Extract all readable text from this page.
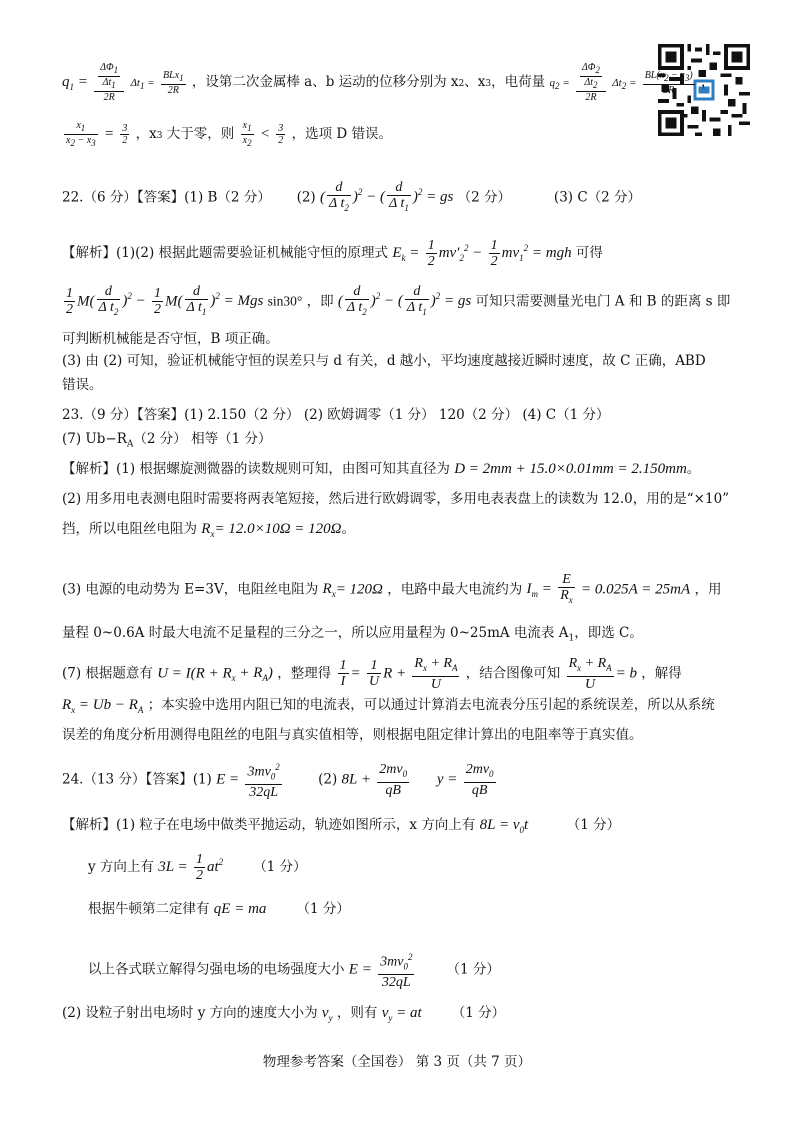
$q_1 = \frac{\frac{\Delta\Phi_1}{\Delta t_1}}{2R} \Delta t_1 = \frac{BLx_1}{2R}$ ，设第二次金属棒 a、b 运动的位移分别为 x2、x3，电荷量 $q_2 = \frac{\frac{\Delta\Phi_2}{\Delta t_2}}{2R} \Delta t_2 = \frac{BL(x_2 - x_3)}{2R}$ ，
$\frac{x_1}{x_2 - x_3} = \frac{3}{2}$ ，x3 大于零，则 $\frac{x_1}{x_2} < \frac{3}{2}$ ，选项 D 错误。
22.（6 分）【答案】(1) B（2 分） (2) ( $\frac{d}{\Delta t_2} )^2$ − ( $\frac{d}{\Delta t_1} )^2$ = gs （2 分）	(3) C（2 分）
【解析】(1)(2) 根据此题需要验证机械能守恒的原理式 $E_k = \frac{1}{2} mv'_2^2 - \frac{1}{2} mv_1^2$ = mgh 可得
$\frac{1}{2} M( \frac{d}{\Delta t_2} )^2 - \frac{1}{2} M( \frac{d}{\Delta t_1} )^2$ = Mgs sin30° ，即 ( $\frac{d}{\Delta t_2} )^2$ − ( $\frac{d}{\Delta t_1} )^2$ = gs 可知只需要测量光电门 A 和 B 的距离 s 即
可判断机械能是否守恒，B 项正确。
(3) 由 (2) 可知，验证机械能守恒的误差只与 d 有关，d 越小，平均速度越接近瞬时速度，故 C 正确，ABD
错误。
23.（9 分）【答案】(1) 2.150（2 分） (2) 欧姆调零（1 分） 120（2 分） (4) C（1 分）
(7) $Ub-R_A(2$ 分） 相等（1 分）
【解析】(1) 根据螺旋测微器的读数规则可知，由图可知其直径为 D = 2mm + 15.0×0.01mm = 2.150mm。
(2) 用多用电表测电阻时需要将两表笔短接，然后进行欧姆调零，多用电表表盘上的读数为 12.0，用的是“×10”
挡，所以电阻丝电阻为 $R_x= 12.0\times 10\Omega = 120\Omega$。
(3) 电源的电动势为 E=3V，电阻丝电阻为 $R_x= 120\Omega$ ，电路中最大电流约为 $I_m = \frac{E}{R_x} = 0.025A = 25mA$ ，用
量程 0~0.6A 时最大电流不足量程的三分之一，所以应用量程为 0~25mA 电流表 $A_1$，即选 C。
(7) 根据题意有 $U = I(R + R_x + R_A)$ ，整理得 $\frac{1}{I} = \frac{1}{U}$ $R + \frac{R_x + R_A}{U}$ ，结合图像可知 $\frac{R_x + R_A}{U} = b$ ，解得
$R_x = Ub - R_A$ ；本实验中选用内阻已知的电流表，可以通过计算消去电流表分压引起的系统误差，所以从系统
误差的角度分析用测得电阻丝的电阻与真实值相等，则根据电阻定律计算出的电阻率等于真实值。
24.（13 分）【答案】(1) $E = \frac{3mv_0^2}{32qL}$	(2) $8L + \frac{2mv_0}{qB}$ $y = \frac{2mv_0}{qB}$
【解析】(1) 粒子在电场中做类平抛运动，轨迹如图所示，x 方向上有 $8L = v_0t$	（1 分）
y 方向上有 $3L = \frac{1}{2} at^2$ （1 分）
根据牛顿第二定律有 qE = ma （1 分）
以上各式联立解得匀强电场的电场强度大小 $E = \frac{3mv_0^2}{32qL} (1$ 分）
(2) 设粒子射出电场时 y 方向的速度大小为 $v_y$ ，则有 $v_y$ = at （1 分）
物理参考答案（全国卷） 第 3 页（共 7 页）
